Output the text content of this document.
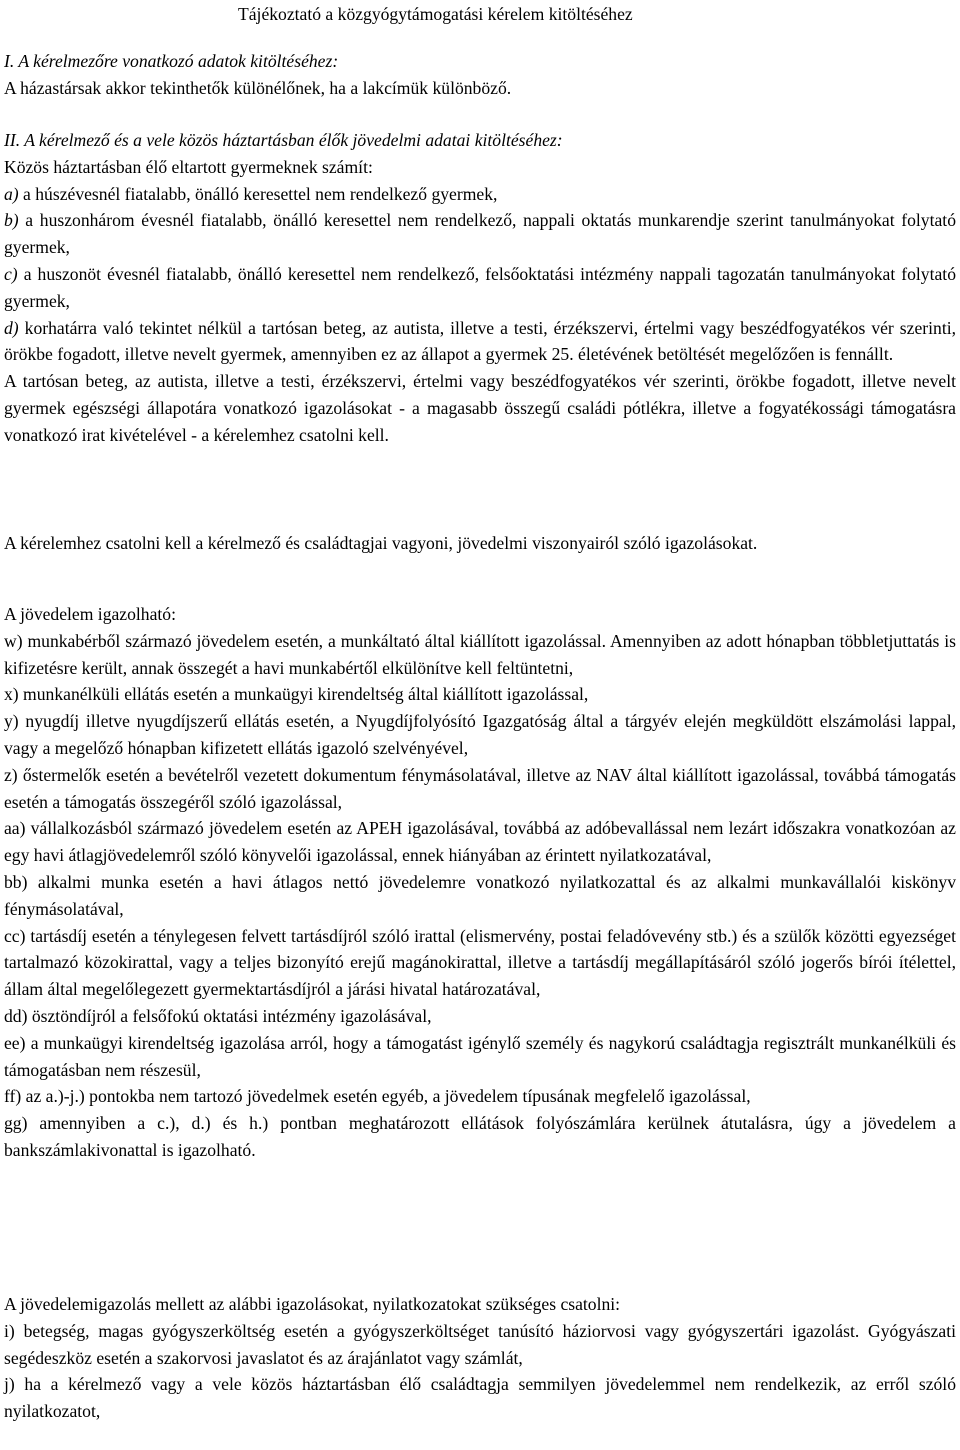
Tájékoztató a közgyógytámogatási kérelem kitöltéséhez

I. A kérelmezőre vonatkozó adatok kitöltéséhez:

A házastársak akkor tekinthetők különélőnek, ha a lakcímük különböző.

II. A kérelmező és a vele közös háztartásban élők jövedelmi adatai kitöltéséhez:

Közös háztartásban élő eltartott gyermeknek számít:

a) a húszévesnél fiatalabb, önálló keresettel nem rendelkező gyermek,

b) a huszonhárom évesnél fiatalabb, önálló keresettel nem rendelkező, nappali oktatás munkarendje szerint tanulmányokat folytató gyermek,

c) a huszonöt évesnél fiatalabb, önálló keresettel nem rendelkező, felsőoktatási intézmény nappali tagozatán tanulmányokat folytató gyermek,

d) korhatárra való tekintet nélkül a tartósan beteg, az autista, illetve a testi, érzékszervi, értelmi vagy beszédfogyatékos vér szerinti, örökbe fogadott, illetve nevelt gyermek, amennyiben ez az állapot a gyermek 25. életévének betöltését megelőzően is fennállt.

A tartósan beteg, az autista, illetve a testi, érzékszervi, értelmi vagy beszédfogyatékos vér szerinti, örökbe fogadott, illetve nevelt gyermek egészségi állapotára vonatkozó igazolásokat - a magasabb összegű családi pótlékra, illetve a fogyatékossági támogatásra vonatkozó irat kivételével - a kérelemhez csatolni kell.

A kérelemhez csatolni kell a kérelmező és családtagjai vagyoni, jövedelmi viszonyairól szóló igazolásokat.

A jövedelem igazolható:

w) munkabérből származó jövedelem esetén, a munkáltató által kiállított igazolással. Amennyiben az adott hónapban többletjuttatás is kifizetésre került, annak összegét a havi munkabértől elkülönítve kell feltüntetni,

x) munkanélküli ellátás esetén a munkaügyi kirendeltség által kiállított igazolással,

y) nyugdíj illetve nyugdíjszerű ellátás esetén, a Nyugdíjfolyósító Igazgatóság által a tárgyév elején megküldött elszámolási lappal, vagy a megelőző hónapban kifizetett ellátás igazoló szelvényével,

z) őstermelők esetén a bevételről vezetett dokumentum fénymásolatával, illetve az NAV által kiállított igazolással, továbbá támogatás esetén a támogatás összegéről szóló igazolással,

aa) vállalkozásból származó jövedelem esetén az APEH igazolásával, továbbá az adóbevallással nem lezárt időszakra vonatkozóan az egy havi átlagjövedelemről szóló könyvelői igazolással, ennek hiányában az érintett nyilatkozatával,

bb) alkalmi munka esetén a havi átlagos nettó jövedelemre vonatkozó nyilatkozattal és az alkalmi munkavállalói kiskönyv fénymásolatával,

cc) tartásdíj esetén a ténylegesen felvett tartásdíjról szóló irattal (elismervény, postai feladóvevény stb.) és a szülők közötti egyezséget tartalmazó közokirattal, vagy a teljes bizonyító erejű magánokirattal, illetve a tartásdíj megállapításáról szóló jogerős bírói ítélettel, állam által megelőlegezett gyermektartásdíjról a járási hivatal határozatával,

dd) ösztöndíjról a felsőfokú oktatási intézmény igazolásával,

ee) a munkaügyi kirendeltség igazolása arról, hogy a támogatást igénylő személy és nagykorú családtagja regisztrált munkanélküli és támogatásban nem részesül,

ff) az a.)-j.) pontokba nem tartozó jövedelmek esetén egyéb, a jövedelem típusának megfelelő igazolással,

gg) amennyiben a c.), d.) és h.) pontban meghatározott ellátások folyószámlára kerülnek átutalásra, úgy a jövedelem a bankszámlakivonattal is igazolható.

A jövedelemigazolás mellett az alábbi igazolásokat, nyilatkozatokat szükséges csatolni:

i) betegség, magas gyógyszerköltség esetén a gyógyszerköltséget tanúsító háziorvosi vagy gyógyszertári igazolást. Gyógyászati segédeszköz esetén a szakorvosi javaslatot és az árajánlatot vagy számlát,

j) ha a kérelmező vagy a vele közös háztartásban élő családtagja semmilyen jövedelemmel nem rendelkezik, az erről szóló nyilatkozatot,
